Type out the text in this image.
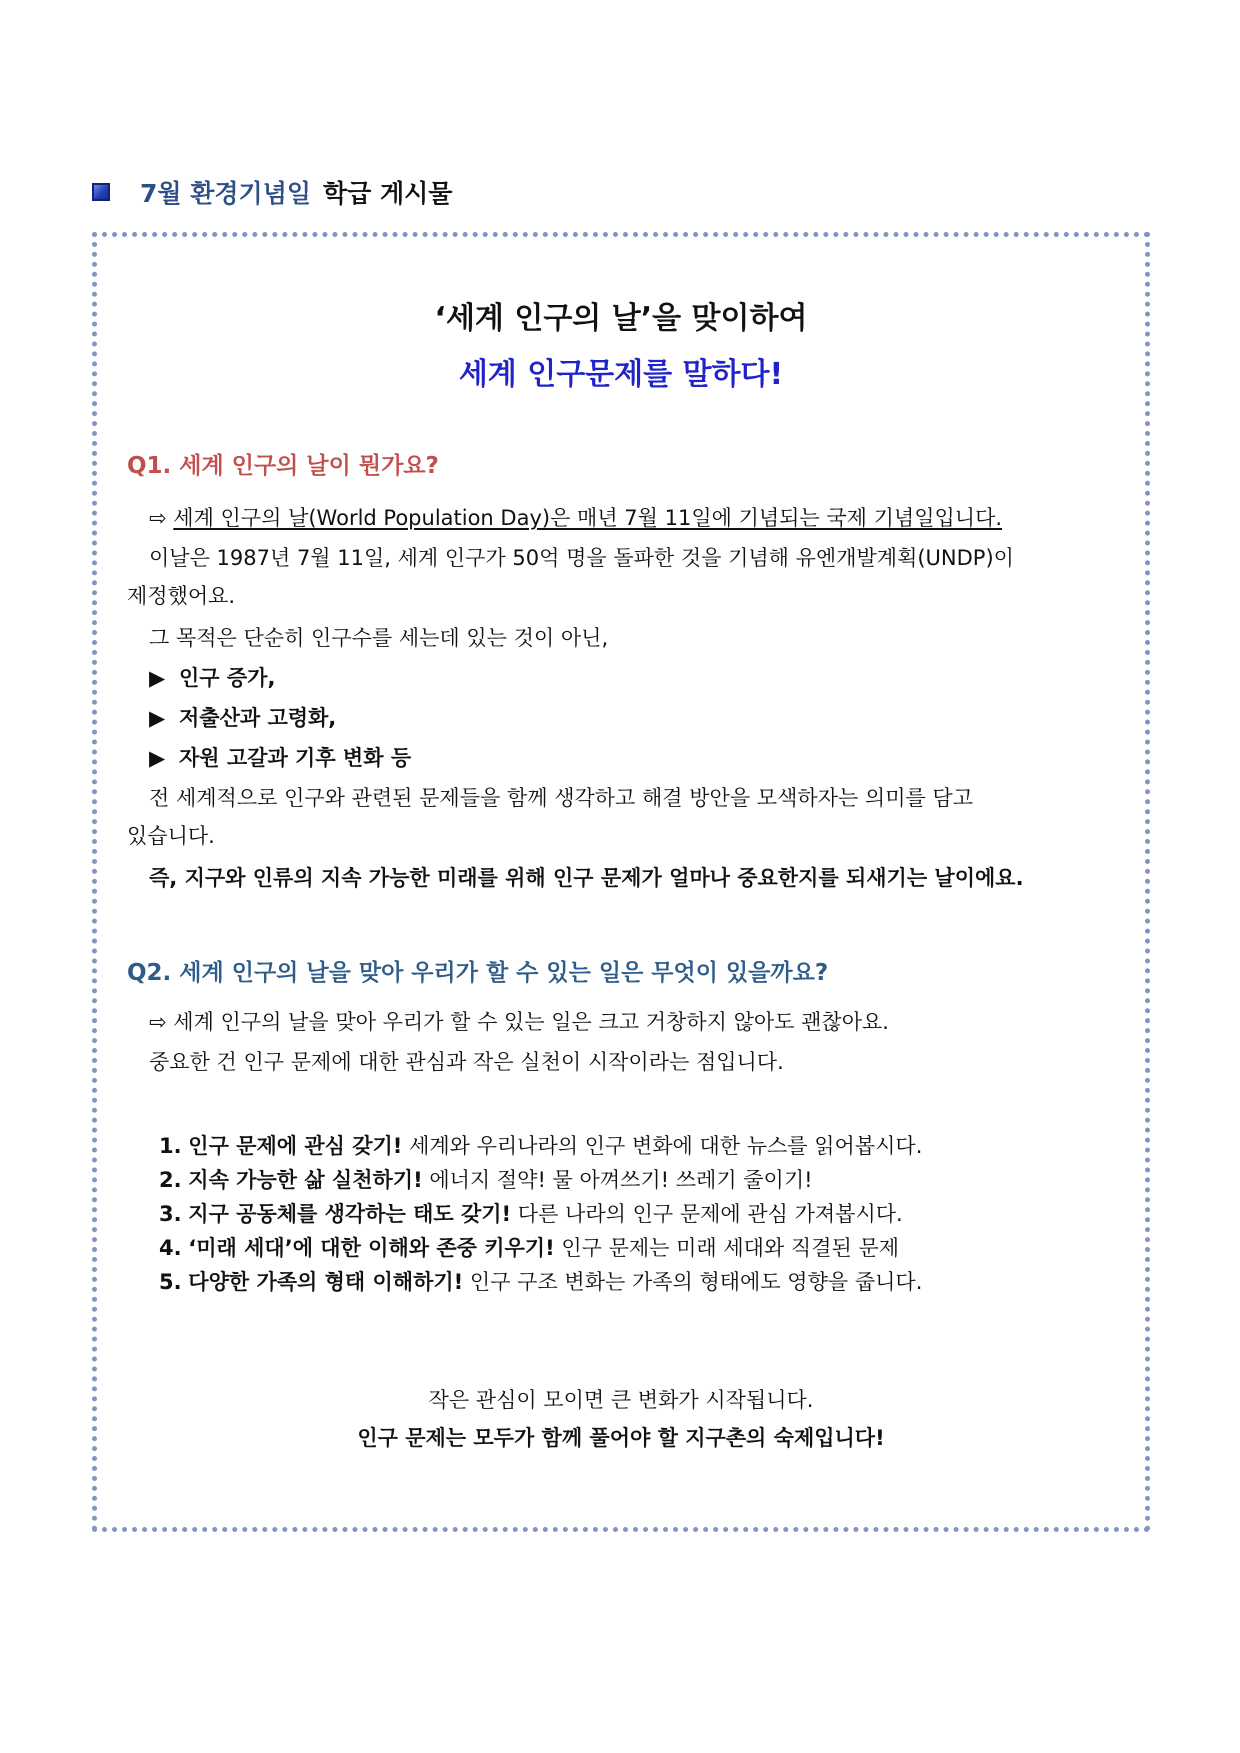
7월 환경기념일 학급 게시물
‘세계 인구의 날’을 맞이하여
세계 인구문제를 말하다!
Q1. 세계 인구의 날이 뭔가요?
⇨ 세계 인구의 날(World Population Day)은 매년 7월 11일에 기념되는 국제 기념일입니다.
이날은 1987년 7월 11일, 세계 인구가 50억 명을 돌파한 것을 기념해 유엔개발계획(UNDP)이
제정했어요.
그 목적은 단순히 인구수를 세는데 있는 것이 아닌,
▶ 인구 증가,
▶ 저출산과 고령화,
▶ 자원 고갈과 기후 변화 등
전 세계적으로 인구와 관련된 문제들을 함께 생각하고 해결 방안을 모색하자는 의미를 담고
있습니다.
즉, 지구와 인류의 지속 가능한 미래를 위해 인구 문제가 얼마나 중요한지를 되새기는 날이에요.
Q2. 세계 인구의 날을 맞아 우리가 할 수 있는 일은 무엇이 있을까요?
⇨ 세계 인구의 날을 맞아 우리가 할 수 있는 일은 크고 거창하지 않아도 괜찮아요.
중요한 건 인구 문제에 대한 관심과 작은 실천이 시작이라는 점입니다.
1. 인구 문제에 관심 갖기! 세계와 우리나라의 인구 변화에 대한 뉴스를 읽어봅시다.
2. 지속 가능한 삶 실천하기! 에너지 절약! 물 아껴쓰기! 쓰레기 줄이기!
3. 지구 공동체를 생각하는 태도 갖기! 다른 나라의 인구 문제에 관심 가져봅시다.
4. ‘미래 세대’에 대한 이해와 존중 키우기! 인구 문제는 미래 세대와 직결된 문제
5. 다양한 가족의 형태 이해하기! 인구 구조 변화는 가족의 형태에도 영향을 줍니다.
작은 관심이 모이면 큰 변화가 시작됩니다.
인구 문제는 모두가 함께 풀어야 할 지구촌의 숙제입니다!
